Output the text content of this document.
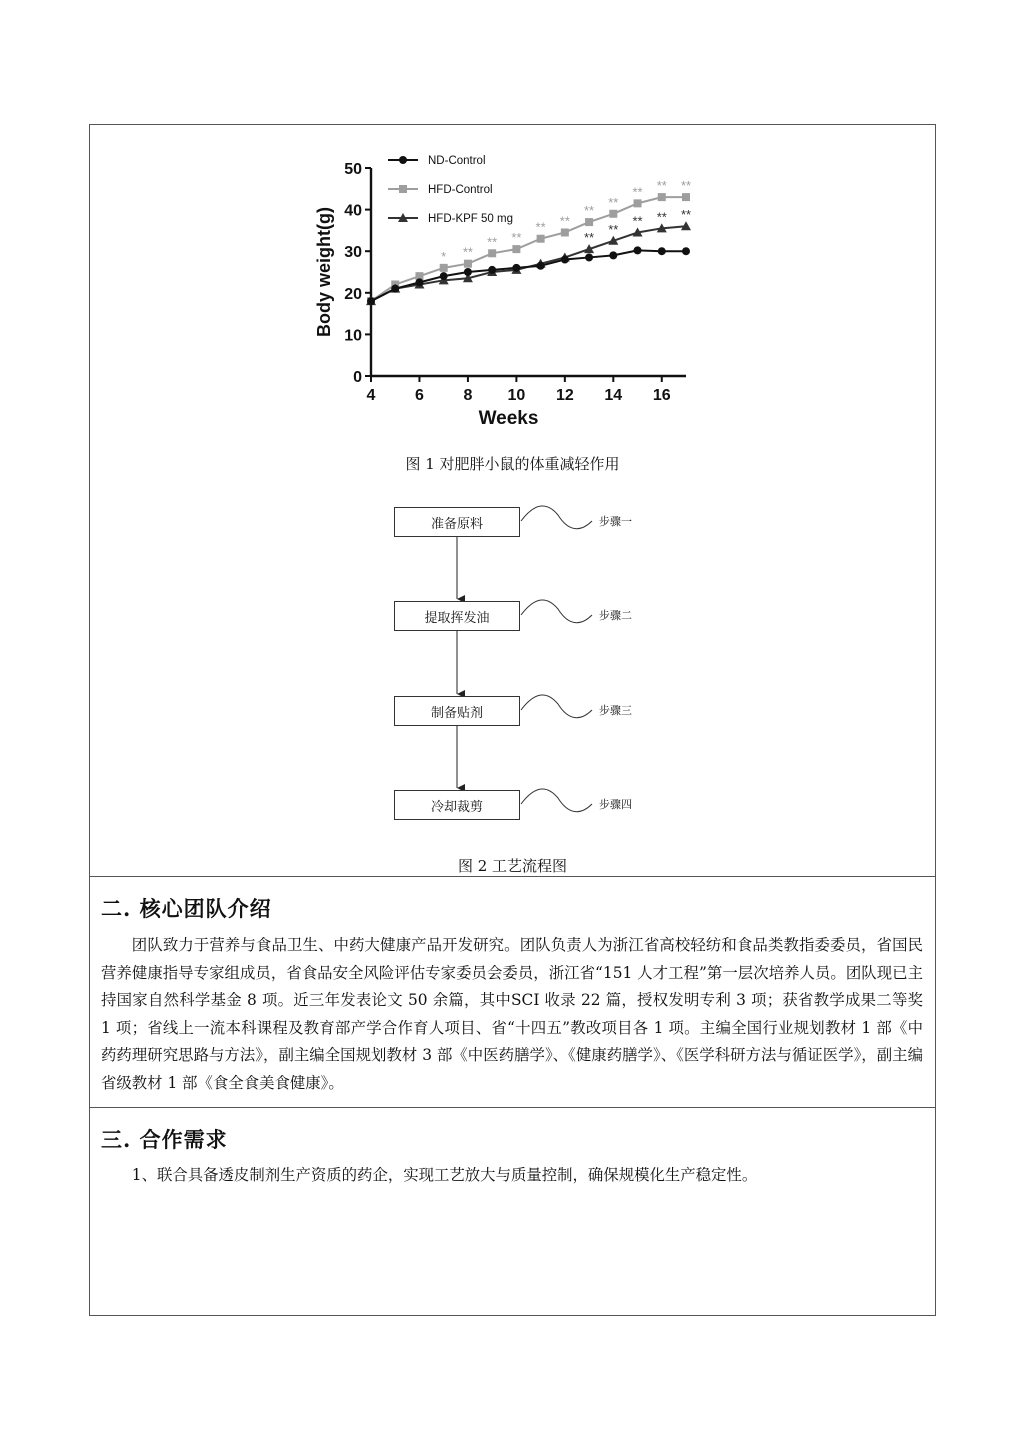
0
10
20
30
40
50
4 6 8 10 12 14 16
Weeks
Body weight(g)	* **
** **
** **
**
**
** ** **
**
**
** ** **
ND-Control
HFD-Control
HFD-KPF 50 mg
图 1 对肥胖小鼠的体重减轻作用
准备原料
提取挥发油
制备贴剂
冷却裁剪
步骤一
步骤二
步骤三
步骤四
图 2 工艺流程图
二. 核心团队介绍
团队致力于营养与食品卫生、中药大健康产品开发研究。团队负责人为浙江省高校轻纺和食品类教指委委员，省国民营养健康指导专家组成员，省食品安全风险评估专家委员会委员，浙江省“151 人才工程”第一层次培养人员。团队现已主持国家自然科学基金 8 项。近三年发表论文 50 余篇，其中SCI 收录 22 篇，授权发明专利 3 项；获省教学成果二等奖 1 项；省线上一流本科课程及教育部产学合作育人项目、省“十四五”教改项目各 1 项。主编全国行业规划教材 1 部《中药药理研究思路与方法》，副主编全国规划教材 3 部《中医药膳学》、《健康药膳学》、《医学科研方法与循证医学》，副主编省级教材 1 部《食全食美食健康》。
三. 合作需求
1、联合具备透皮制剂生产资质的药企，实现工艺放大与质量控制，确保规模化生产稳定性。
